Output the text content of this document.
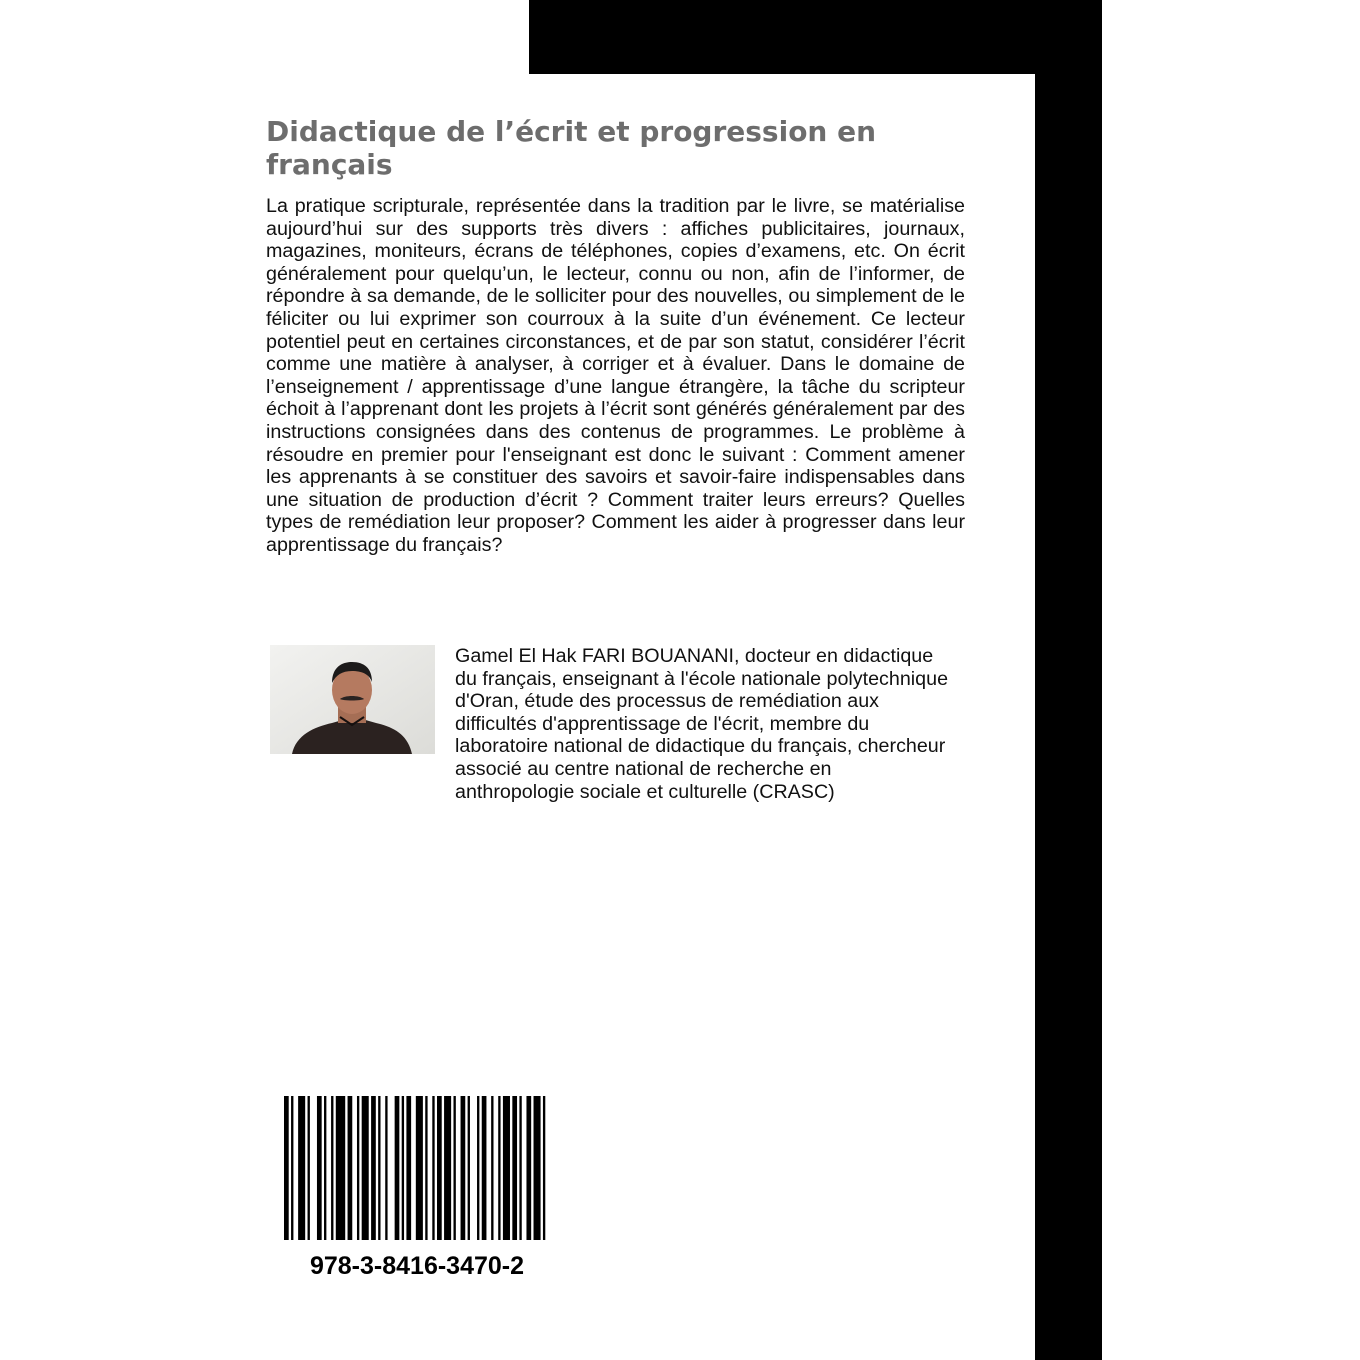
Didactique de l’écrit et progression en français

La pratique scripturale, représentée dans la tradition par le livre, se matérialise aujourd’hui sur des supports très divers : affiches publicitaires, journaux, magazines, moniteurs, écrans de téléphones, copies d’examens, etc. On écrit généralement pour quelqu’un, le lecteur, connu ou non, afin de l’informer, de répondre à sa demande, de le solliciter pour des nouvelles, ou simplement de le féliciter ou lui exprimer son courroux à la suite d’un événement. Ce lecteur potentiel peut en certaines circonstances, et de par son statut, considérer l’écrit comme une matière à analyser, à corriger et à évaluer. Dans le domaine de l’enseignement / apprentissage d’une langue étrangère, la tâche du scripteur échoit à l’apprenant dont les projets à l’écrit sont générés généralement par des instructions consignées dans des contenus de programmes. Le problème à résoudre en premier pour l'enseignant est donc le suivant : Comment amener les apprenants à se constituer des savoirs et savoir-faire indispensables dans une situation de production d’écrit ? Comment traiter leurs erreurs? Quelles types de remédiation leur proposer? Comment les aider à progresser dans leur apprentissage du français?

Gamel El Hak FARI BOUANANI, docteur en didactique du français, enseignant à l'école nationale polytechnique d'Oran, étude des processus de remédiation aux difficultés d'apprentissage de l'écrit, membre du laboratoire national de didactique du français, chercheur associé au centre national de recherche en anthropologie sociale et culturelle (CRASC)

978-3-8416-3470-2
